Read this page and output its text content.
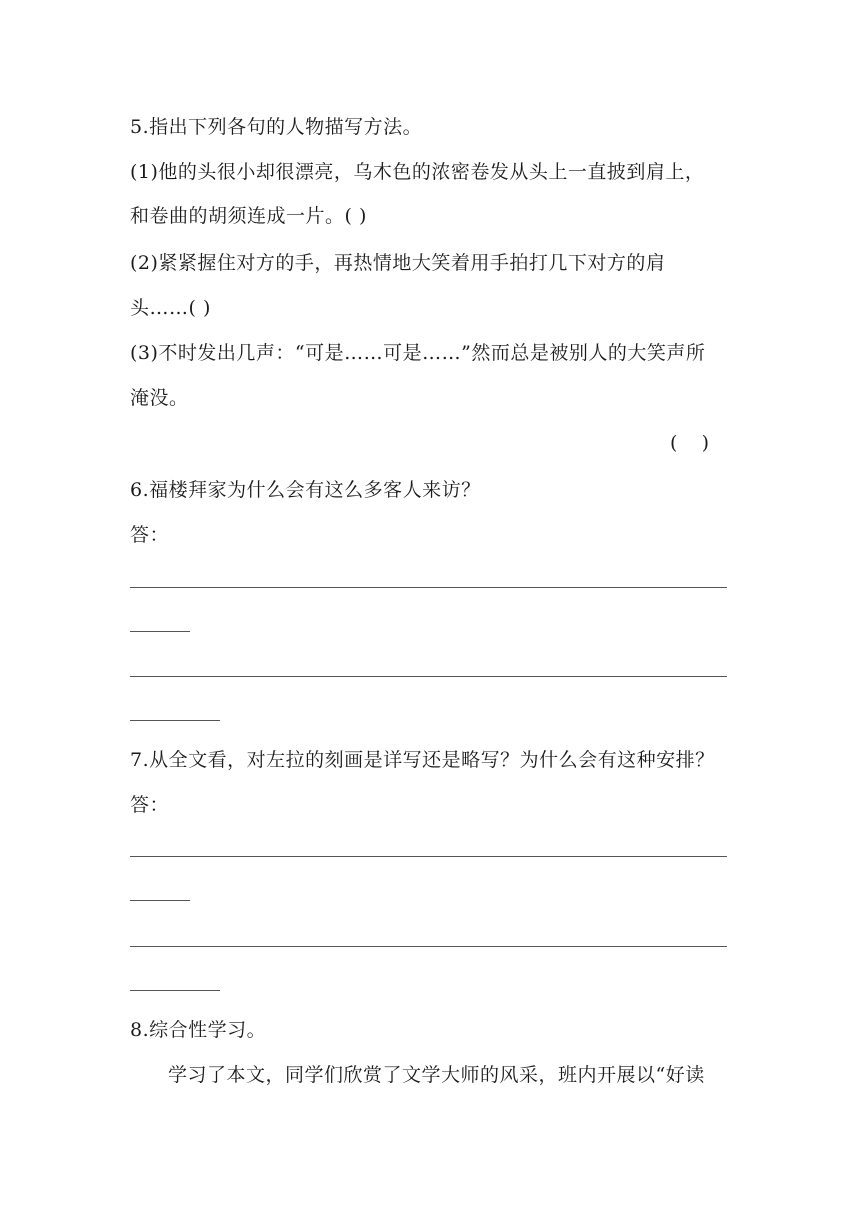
5.指出下列各句的人物描写方法。
(1)他的头很小却很漂亮，乌木色的浓密卷发从头上一直披到肩上，
和卷曲的胡须连成一片。( )
(2)紧紧握住对方的手，再热情地大笑着用手拍打几下对方的肩
头……( )
(3)不时发出几声：“可是……可是……”然而总是被别人的大笑声所
淹没。
(    )
6.福楼拜家为什么会有这么多客人来访？
答：
7.从全文看，对左拉的刻画是详写还是略写？为什么会有这种安排？
答：
8.综合性学习。
学习了本文，同学们欣赏了文学大师的风采，班内开展以“好读
